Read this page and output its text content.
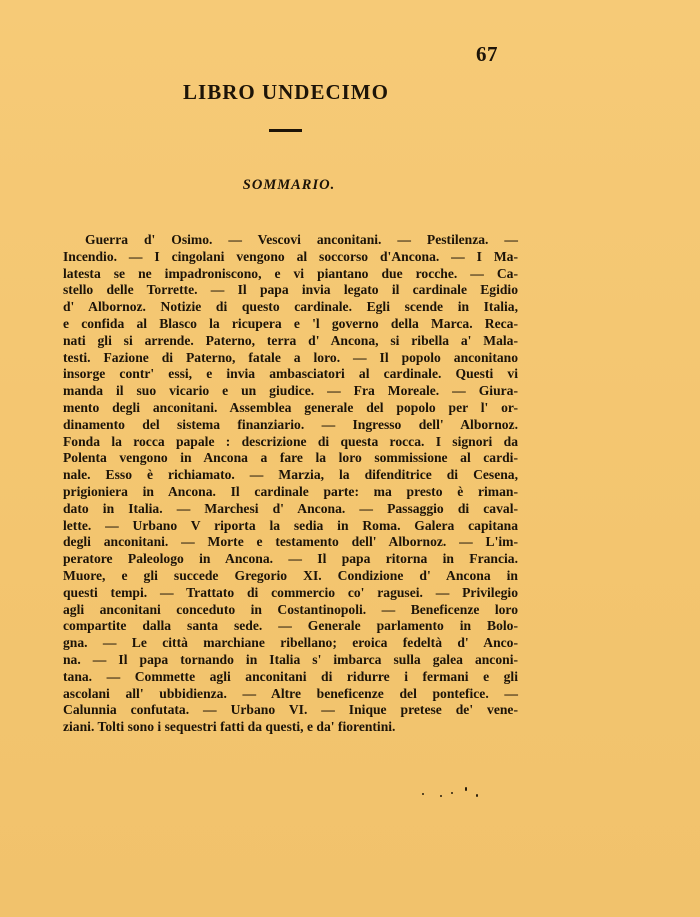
67
LIBRO UNDECIMO
SOMMARIO.
Guerra d' Osimo. — Vescovi anconitani. — Pestilenza. —
Incendio. — I cingolani vengono al soccorso d'Ancona. — I Ma-
latesta se ne impadroniscono, e vi piantano due rocche. — Ca-
stello delle Torrette. — Il papa invia legato il cardinale Egidio
d' Albornoz. Notizie di questo cardinale. Egli scende in Italia,
e confida al Blasco la ricupera e 'l governo della Marca. Reca-
nati gli si arrende. Paterno, terra d' Ancona, si ribella a' Mala-
testi. Fazione di Paterno, fatale a loro. — Il popolo anconitano
insorge contr' essi, e invia ambasciatori al cardinale. Questi vi
manda il suo vicario e un giudice. — Fra Moreale. — Giura-
mento degli anconitani. Assemblea generale del popolo per l' or-
dinamento del sistema finanziario. — Ingresso dell' Albornoz.
Fonda la rocca papale : descrizione di questa rocca. I signori da
Polenta vengono in Ancona a fare la loro sommissione al cardi-
nale. Esso è richiamato. — Marzia, la difenditrice di Cesena,
prigioniera in Ancona. Il cardinale parte: ma presto è riman-
dato in Italia. — Marchesi d' Ancona. — Passaggio di caval-
lette. — Urbano V riporta la sedia in Roma. Galera capitana
degli anconitani. — Morte e testamento dell' Albornoz. — L'im-
peratore Paleologo in Ancona. — Il papa ritorna in Francia.
Muore, e gli succede Gregorio XI. Condizione d' Ancona in
questi tempi. — Trattato di commercio co' ragusei. — Privilegio
agli anconitani conceduto in Costantinopoli. — Beneficenze loro
compartite dalla santa sede. — Generale parlamento in Bolo-
gna. — Le città marchiane ribellano; eroica fedeltà d' Anco-
na. — Il papa tornando in Italia s' imbarca sulla galea anconi-
tana. — Commette agli anconitani di ridurre i fermani e gli
ascolani all' ubbidienza. — Altre beneficenze del pontefice. —
Calunnia confutata. — Urbano VI. — Inique pretese de' vene-
ziani. Tolti sono i sequestri fatti da questi, e da' fiorentini.
